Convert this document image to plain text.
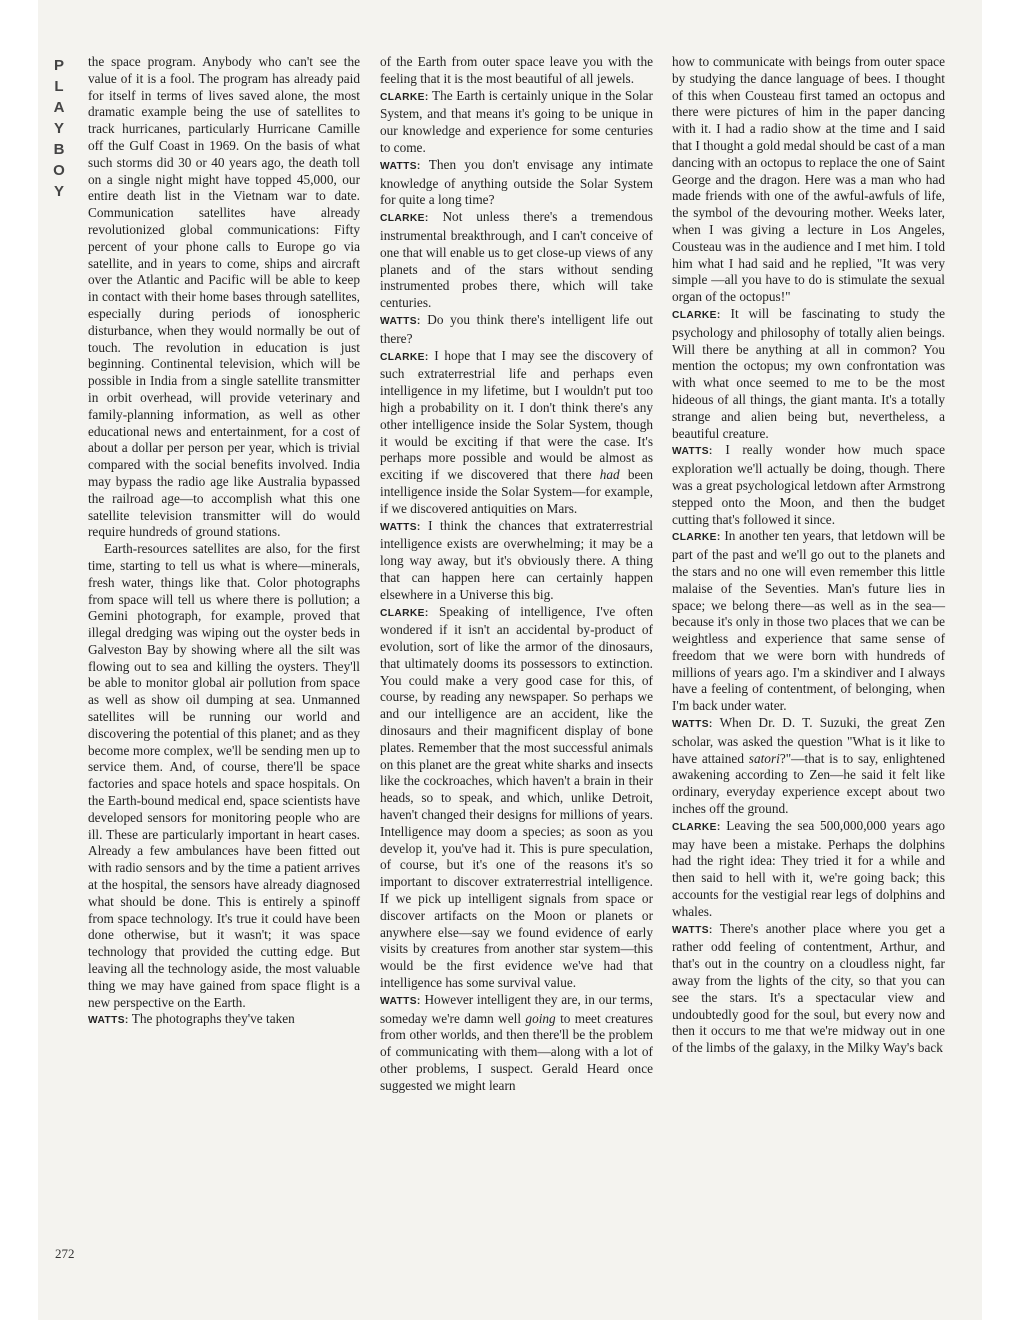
P
L
A
Y
B
O
Y
272

the space program. Anybody who can't see the value of it is a fool. The program has already paid for itself in terms of lives saved alone, the most dramatic example being the use of satellites to track hurricanes, particularly Hurricane Camille off the Gulf Coast in 1969. On the basis of what such storms did 30 or 40 years ago, the death toll on a single night might have topped 45,000, our entire death list in the Vietnam war to date. Communication satellites have already revolutionized global communications: Fifty percent of your phone calls to Europe go via satellite, and in years to come, ships and aircraft over the Atlantic and Pacific will be able to keep in contact with their home bases through satellites, especially during periods of ionospheric disturbance, when they would normally be out of touch. The revolution in education is just beginning. Continental television, which will be possible in India from a single satellite transmitter in orbit overhead, will provide veterinary and family-planning information, as well as other educational news and entertainment, for a cost of about a dollar per person per year, which is trivial compared with the social benefits involved. India may bypass the radio age like Australia bypassed the railroad age—to accomplish what this one satellite television transmitter will do would require hundreds of ground stations.

Earth-resources satellites are also, for the first time, starting to tell us what is where—minerals, fresh water, things like that. Color photographs from space will tell us where there is pollution; a Gemini photograph, for example, proved that illegal dredging was wiping out the oyster beds in Galveston Bay by showing where all the silt was flowing out to sea and killing the oysters. They'll be able to monitor global air pollution from space as well as show oil dumping at sea. Unmanned satellites will be running our world and discovering the potential of this planet; and as they become more complex, we'll be sending men up to service them. And, of course, there'll be space factories and space hotels and space hospitals. On the Earth-bound medical end, space scientists have developed sensors for monitoring people who are ill. These are particularly important in heart cases. Already a few ambulances have been fitted out with radio sensors and by the time a patient arrives at the hospital, the sensors have already diagnosed what should be done. This is entirely a spinoff from space technology. It's true it could have been done otherwise, but it wasn't; it was space technology that provided the cutting edge. But leaving all the technology aside, the most valuable thing we may have gained from space flight is a new perspective on the Earth.

WATTS: The photographs they've taken

of the Earth from outer space leave you with the feeling that it is the most beautiful of all jewels.

CLARKE: The Earth is certainly unique in the Solar System, and that means it's going to be unique in our knowledge and experience for some centuries to come.

WATTS: Then you don't envisage any intimate knowledge of anything outside the Solar System for quite a long time?

CLARKE: Not unless there's a tremendous instrumental breakthrough, and I can't conceive of one that will enable us to get close-up views of any planets and of the stars without sending instrumented probes there, which will take centuries.

WATTS: Do you think there's intelligent life out there?

CLARKE: I hope that I may see the discovery of such extraterrestrial life and perhaps even intelligence in my lifetime, but I wouldn't put too high a probability on it. I don't think there's any other intelligence inside the Solar System, though it would be exciting if that were the case. It's perhaps more possible and would be almost as exciting if we discovered that there had been intelligence inside the Solar System—for example, if we discovered antiquities on Mars.

WATTS: I think the chances that extraterrestrial intelligence exists are overwhelming; it may be a long way away, but it's obviously there. A thing that can happen here can certainly happen elsewhere in a Universe this big.

CLARKE: Speaking of intelligence, I've often wondered if it isn't an accidental by-product of evolution, sort of like the armor of the dinosaurs, that ultimately dooms its possessors to extinction. You could make a very good case for this, of course, by reading any newspaper. So perhaps we and our intelligence are an accident, like the dinosaurs and their magnificent display of bone plates. Remember that the most successful animals on this planet are the great white sharks and insects like the cockroaches, which haven't a brain in their heads, so to speak, and which, unlike Detroit, haven't changed their designs for millions of years. Intelligence may doom a species; as soon as you develop it, you've had it. This is pure speculation, of course, but it's one of the reasons it's so important to discover extraterrestrial intelligence. If we pick up intelligent signals from space or discover artifacts on the Moon or planets or anywhere else—say we found evidence of early visits by creatures from another star system—this would be the first evidence we've had that intelligence has some survival value.

WATTS: However intelligent they are, in our terms, someday we're damn well going to meet creatures from other worlds, and then there'll be the problem of communicating with them—along with a lot of other problems, I suspect. Gerald Heard once suggested we might learn

how to communicate with beings from outer space by studying the dance language of bees. I thought of this when Cousteau first tamed an octopus and there were pictures of him in the paper dancing with it. I had a radio show at the time and I said that I thought a gold medal should be cast of a man dancing with an octopus to replace the one of Saint George and the dragon. Here was a man who had made friends with one of the awful-awfuls of life, the symbol of the devouring mother. Weeks later, when I was giving a lecture in Los Angeles, Cousteau was in the audience and I met him. I told him what I had said and he replied, "It was very simple —all you have to do is stimulate the sexual organ of the octopus!"

CLARKE: It will be fascinating to study the psychology and philosophy of totally alien beings. Will there be anything at all in common? You mention the octopus; my own confrontation was with what once seemed to me to be the most hideous of all things, the giant manta. It's a totally strange and alien being but, nevertheless, a beautiful creature.

WATTS: I really wonder how much space exploration we'll actually be doing, though. There was a great psychological letdown after Armstrong stepped onto the Moon, and then the budget cutting that's followed it since.

CLARKE: In another ten years, that letdown will be part of the past and we'll go out to the planets and the stars and no one will even remember this little malaise of the Seventies. Man's future lies in space; we belong there—as well as in the sea—because it's only in those two places that we can be weightless and experience that same sense of freedom that we were born with hundreds of millions of years ago. I'm a skindiver and I always have a feeling of contentment, of belonging, when I'm back under water.

WATTS: When Dr. D. T. Suzuki, the great Zen scholar, was asked the question "What is it like to have attained satori?"—that is to say, enlightened awakening according to Zen—he said it felt like ordinary, everyday experience except about two inches off the ground.

CLARKE: Leaving the sea 500,000,000 years ago may have been a mistake. Perhaps the dolphins had the right idea: They tried it for a while and then said to hell with it, we're going back; this accounts for the vestigial rear legs of dolphins and whales.

WATTS: There's another place where you get a rather odd feeling of contentment, Arthur, and that's out in the country on a cloudless night, far away from the lights of the city, so that you can see the stars. It's a spectacular view and undoubtedly good for the soul, but every now and then it occurs to me that we're midway out in one of the limbs of the galaxy, in the Milky Way's back
